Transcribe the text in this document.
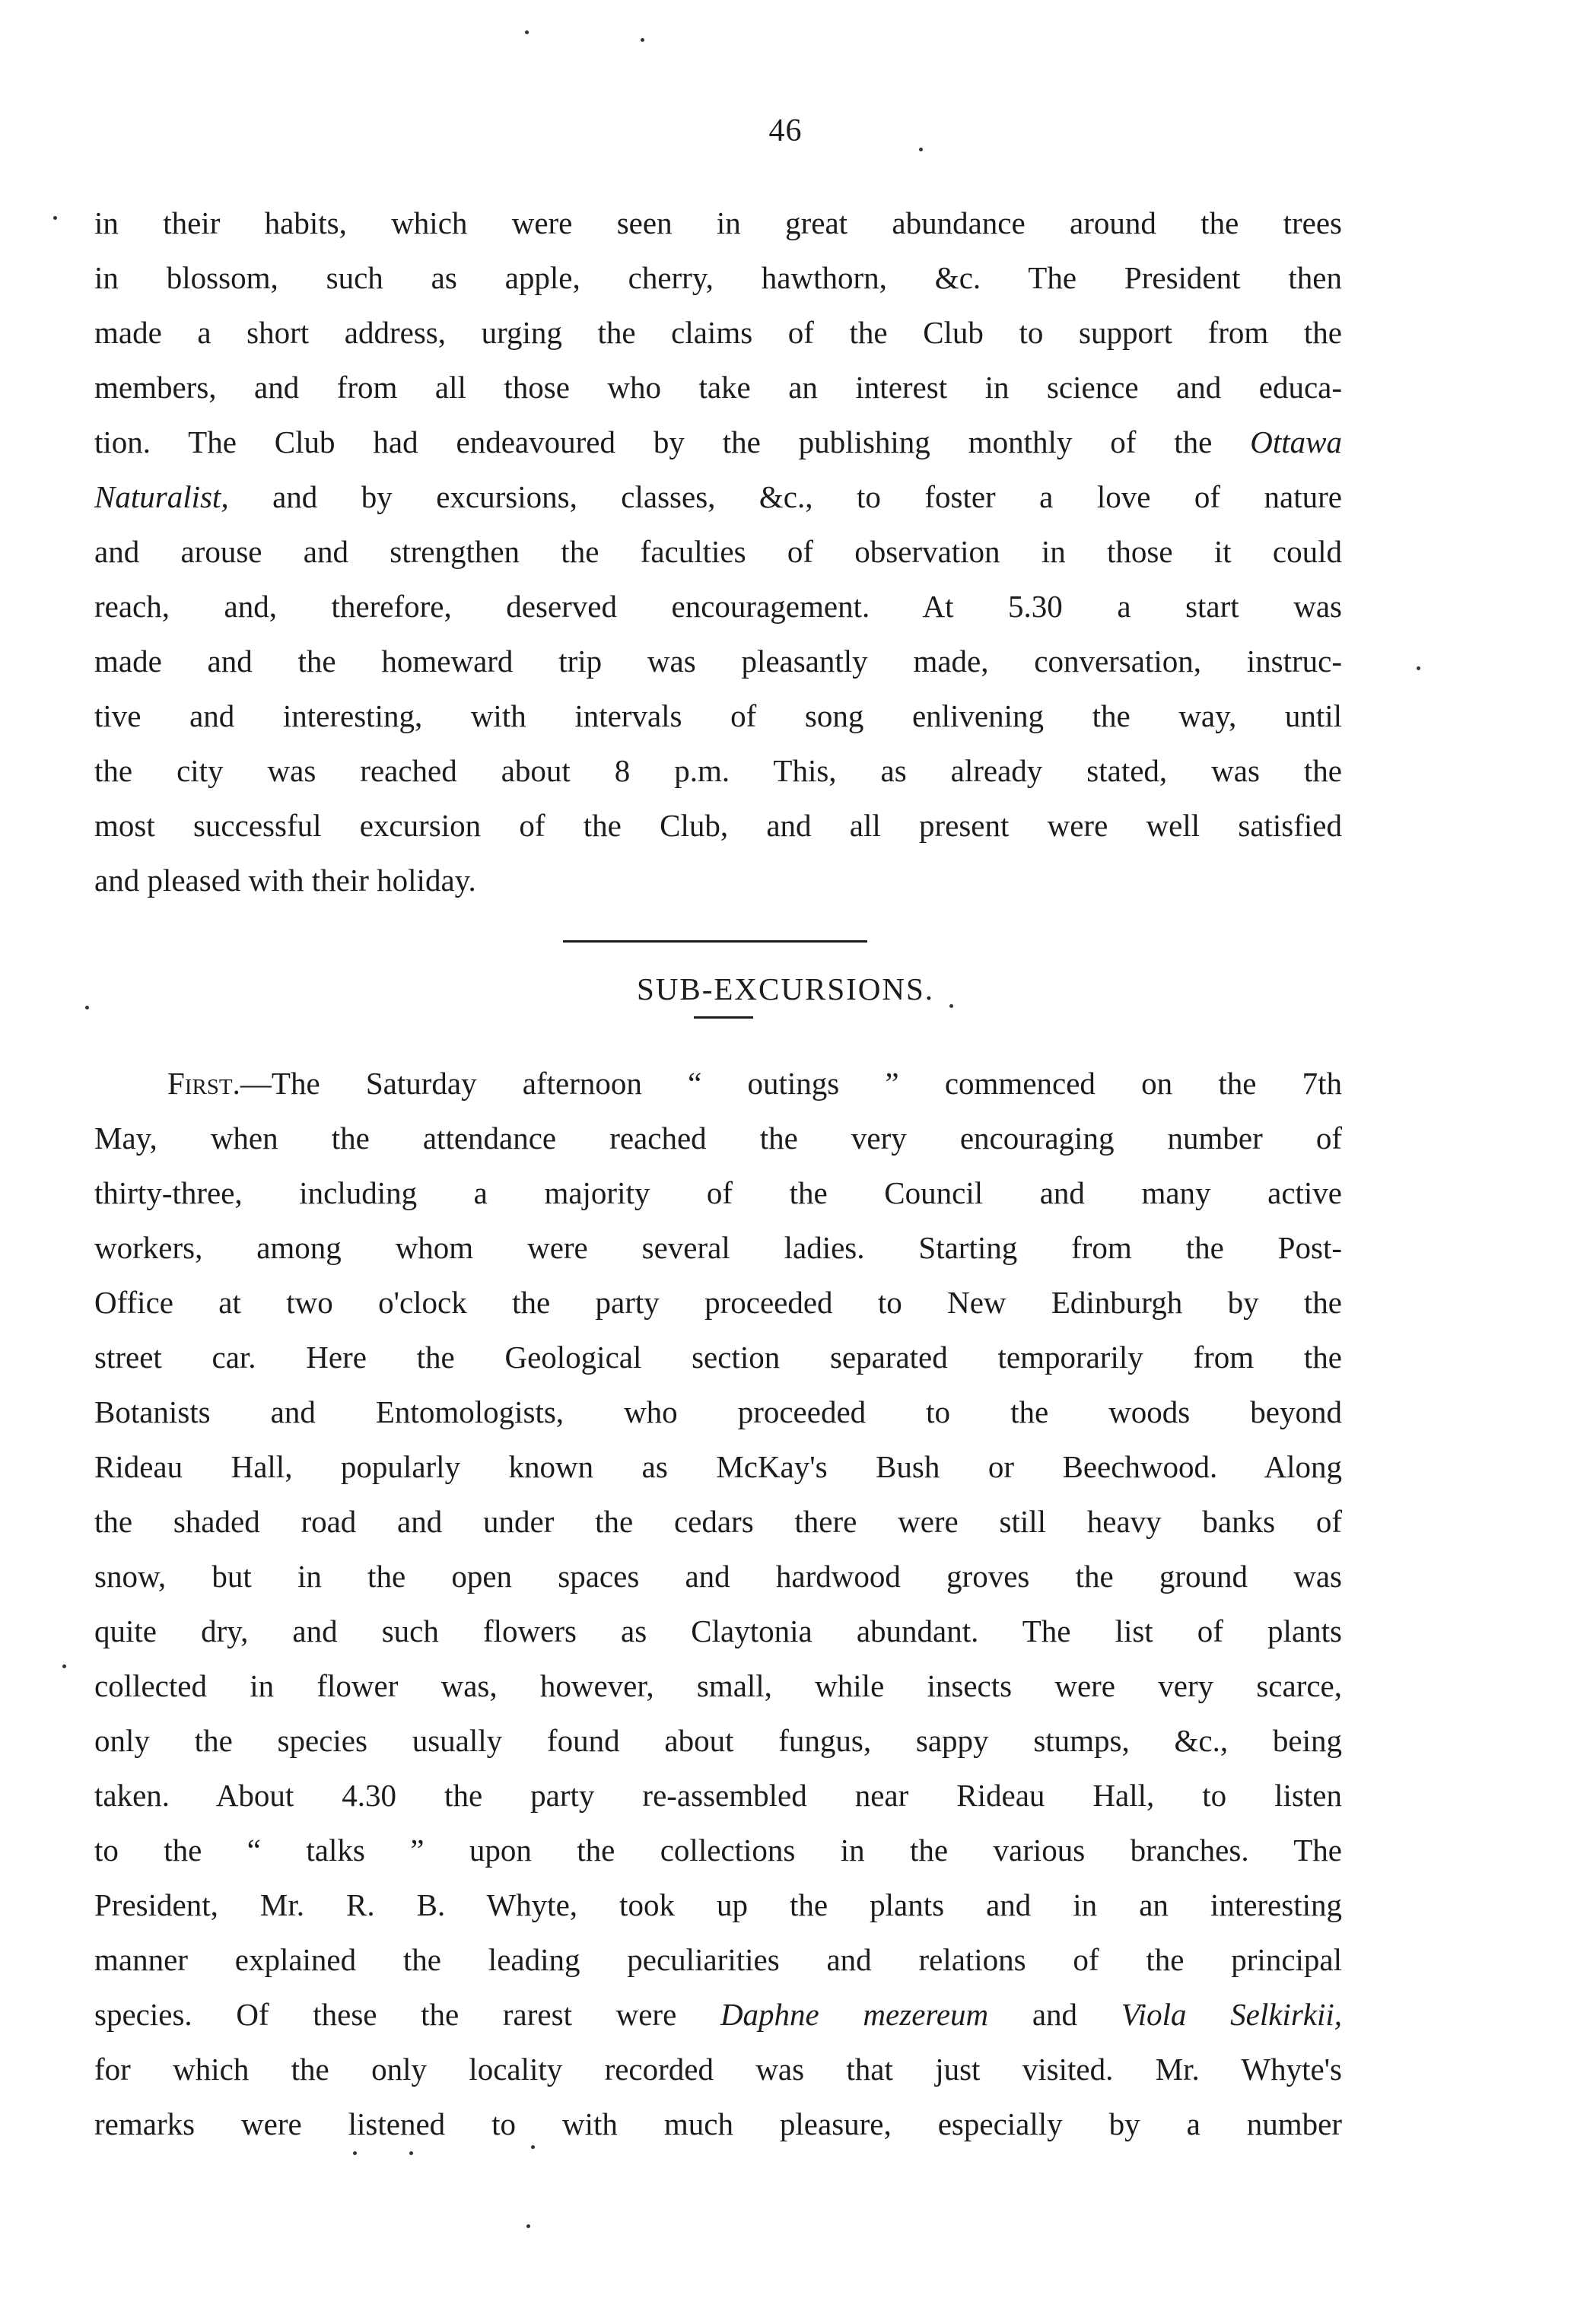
46
in their habits, which were seen in great abundance around the trees
in blossom, such as apple, cherry, hawthorn, &c. The President then
made a short address, urging the claims of the Club to support from the
members, and from all those who take an interest in science and educa-
tion. The Club had endeavoured by the publishing monthly of the Ottawa
Naturalist, and by excursions, classes, &c., to foster a love of nature
and arouse and strengthen the faculties of observation in those it could
reach, and, therefore, deserved encouragement. At 5.30 a start was
made and the homeward trip was pleasantly made, conversation, instruc-
tive and interesting, with intervals of song enlivening the way, until
the city was reached about 8 p.m. This, as already stated, was the
most successful excursion of the Club, and all present were well satisfied
and pleased with their holiday.
SUB-EXCURSIONS.
First.—The Saturday afternoon “ outings ” commenced on the 7th
May, when the attendance reached the very encouraging number of
thirty-three, including a majority of the Council and many active
workers, among whom were several ladies. Starting from the Post-
Office at two o'clock the party proceeded to New Edinburgh by the
street car. Here the Geological section separated temporarily from the
Botanists and Entomologists, who proceeded to the woods beyond
Rideau Hall, popularly known as McKay's Bush or Beechwood. Along
the shaded road and under the cedars there were still heavy banks of
snow, but in the open spaces and hardwood groves the ground was
quite dry, and such flowers as Claytonia abundant. The list of plants
collected in flower was, however, small, while insects were very scarce,
only the species usually found about fungus, sappy stumps, &c., being
taken. About 4.30 the party re-assembled near Rideau Hall, to listen
to the “ talks ” upon the collections in the various branches. The
President, Mr. R. B. Whyte, took up the plants and in an interesting
manner explained the leading peculiarities and relations of the principal
species. Of these the rarest were Daphne mezereum and Viola Selkirkii,
for which the only locality recorded was that just visited. Mr. Whyte's
remarks were listened to with much pleasure, especially by a number
